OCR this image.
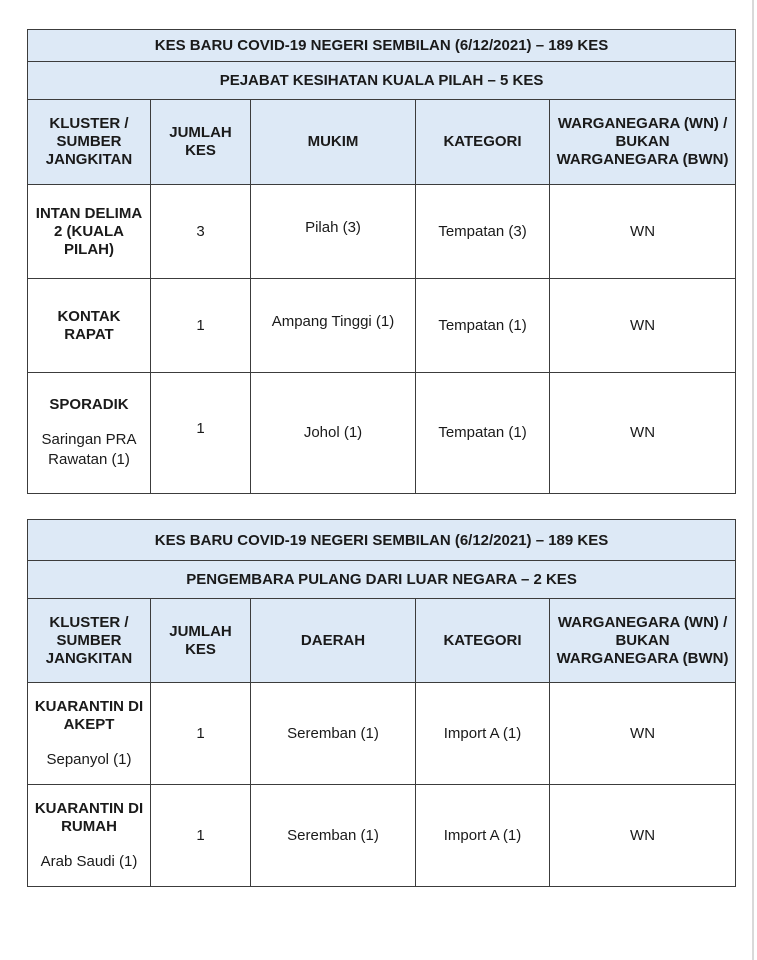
KES BARU COVID-19 NEGERI SEMBILAN (6/12/2021) – 189 KES				
PEJABAT KESIHATAN KUALA PILAH – 5 KES				
KLUSTER / SUMBER JANGKITAN	JUMLAH KES	MUKIM	KATEGORI	WARGANEGARA (WN) / BUKAN WARGANEGARA (BWN)
INTAN DELIMA 2 (KUALA PILAH)	3	Pilah (3)	Tempatan (3)	WN
KONTAK RAPAT	1	Ampang Tinggi (1)	Tempatan (1)	WN

SPORADIK
Saringan PRA Rawatan (1)	1	Johol (1)	Tempatan (1)	WN
KES BARU COVID-19 NEGERI SEMBILAN (6/12/2021) – 189 KES				
PENGEMBARA PULANG DARI LUAR NEGARA – 2 KES				
KLUSTER / SUMBER JANGKITAN	JUMLAH KES	DAERAH	KATEGORI	WARGANEGARA (WN) / BUKAN WARGANEGARA (BWN)

KUARANTIN DI AKEPT
Sepanyol (1)	1	Seremban (1)	Import A (1)	WN

KUARANTIN DI RUMAH
Arab Saudi (1)	1	Seremban (1)	Import A (1)	WN
